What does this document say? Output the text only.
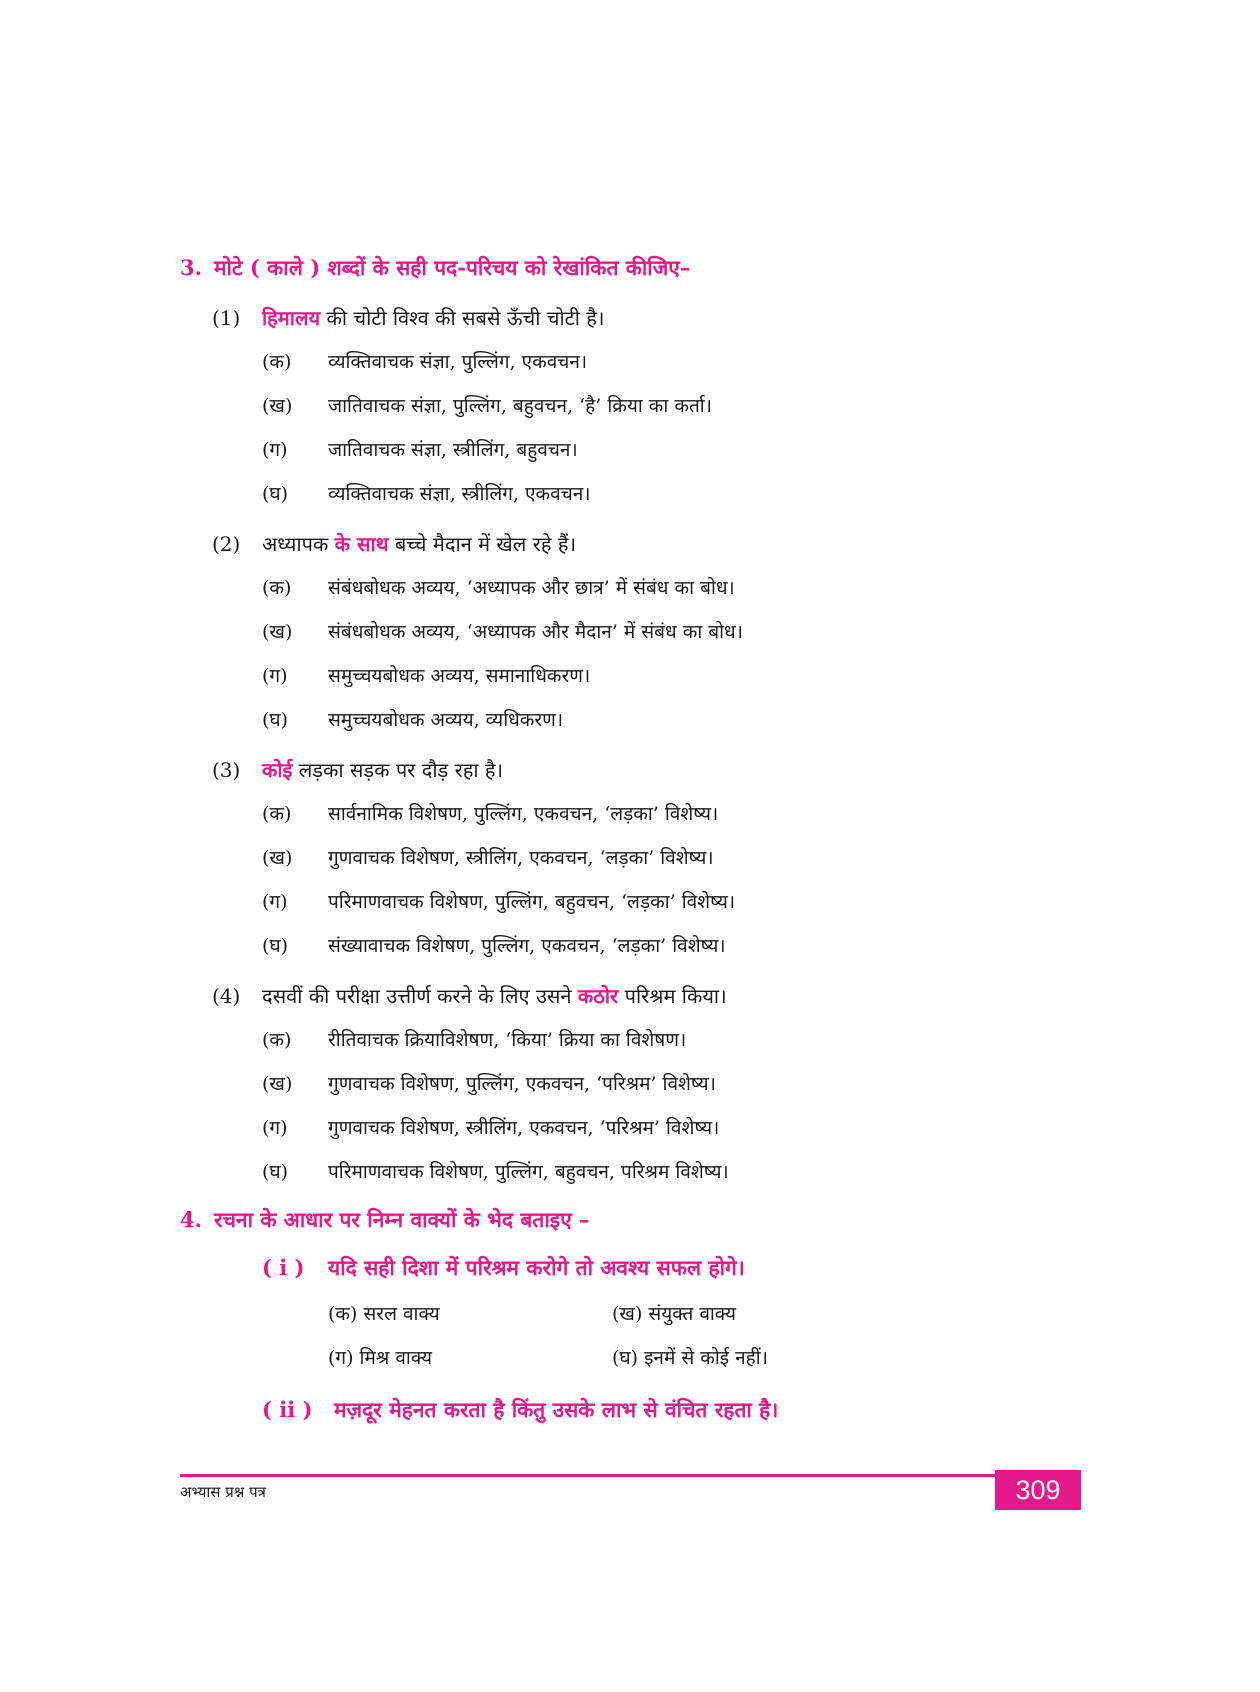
3. मोटे ( काले ) शब्दों के सही पद-परिचय को रेखांकित कीजिए–
(1) हिमालय की चोटी विश्व की सबसे ऊँची चोटी है।
(क) व्यक्तिवाचक संज्ञा, पुल्लिंग, एकवचन।
(ख) जातिवाचक संज्ञा, पुल्लिंग, बहुवचन, ‘है’ क्रिया का कर्ता।
(ग) जातिवाचक संज्ञा, स्त्रीलिंग, बहुवचन।
(घ) व्यक्तिवाचक संज्ञा, स्त्रीलिंग, एकवचन।
(2) अध्यापक के साथ बच्चे मैदान में खेल रहे हैं।
(क) संबंधबोधक अव्यय, ‘अध्यापक और छात्र’ में संबंध का बोध।
(ख) संबंधबोधक अव्यय, ‘अध्यापक और मैदान’ में संबंध का बोध।
(ग) समुच्चयबोधक अव्यय, समानाधिकरण।
(घ) समुच्चयबोधक अव्यय, व्यधिकरण।
(3) कोई लड़का सड़क पर दौड़ रहा है।
(क) सार्वनामिक विशेषण, पुल्लिंग, एकवचन, ‘लड़का’ विशेष्य।
(ख) गुणवाचक विशेषण, स्त्रीलिंग, एकवचन, ‘लड़का’ विशेष्य।
(ग) परिमाणवाचक विशेषण, पुल्लिंग, बहुवचन, ‘लड़का’ विशेष्य।
(घ) संख्यावाचक विशेषण, पुल्लिंग, एकवचन, ‘लड़का’ विशेष्य।
(4) दसवीं की परीक्षा उत्तीर्ण करने के लिए उसने कठोर परिश्रम किया।
(क) रीतिवाचक क्रियाविशेषण, ‘किया’ क्रिया का विशेषण।
(ख) गुणवाचक विशेषण, पुल्लिंग, एकवचन, ‘परिश्रम’ विशेष्य।
(ग) गुणवाचक विशेषण, स्त्रीलिंग, एकवचन, ‘परिश्रम’ विशेष्य।
(घ) परिमाणवाचक विशेषण, पुल्लिंग, बहुवचन, परिश्रम विशेष्य।
4. रचना के आधार पर निम्न वाक्यों के भेद बताइए –
( i ) यदि सही दिशा में परिश्रम करोगे तो अवश्य सफल होगे।
(क) सरल वाक्य	(ख) संयुक्त वाक्य
(ग) मिश्र वाक्य	(घ) इनमें से कोई नहीं।
( ii ) मज़दूर मेहनत करता है किंतु उसके लाभ से वंचित रहता है।
अभ्यास प्रश्न पत्र	309
